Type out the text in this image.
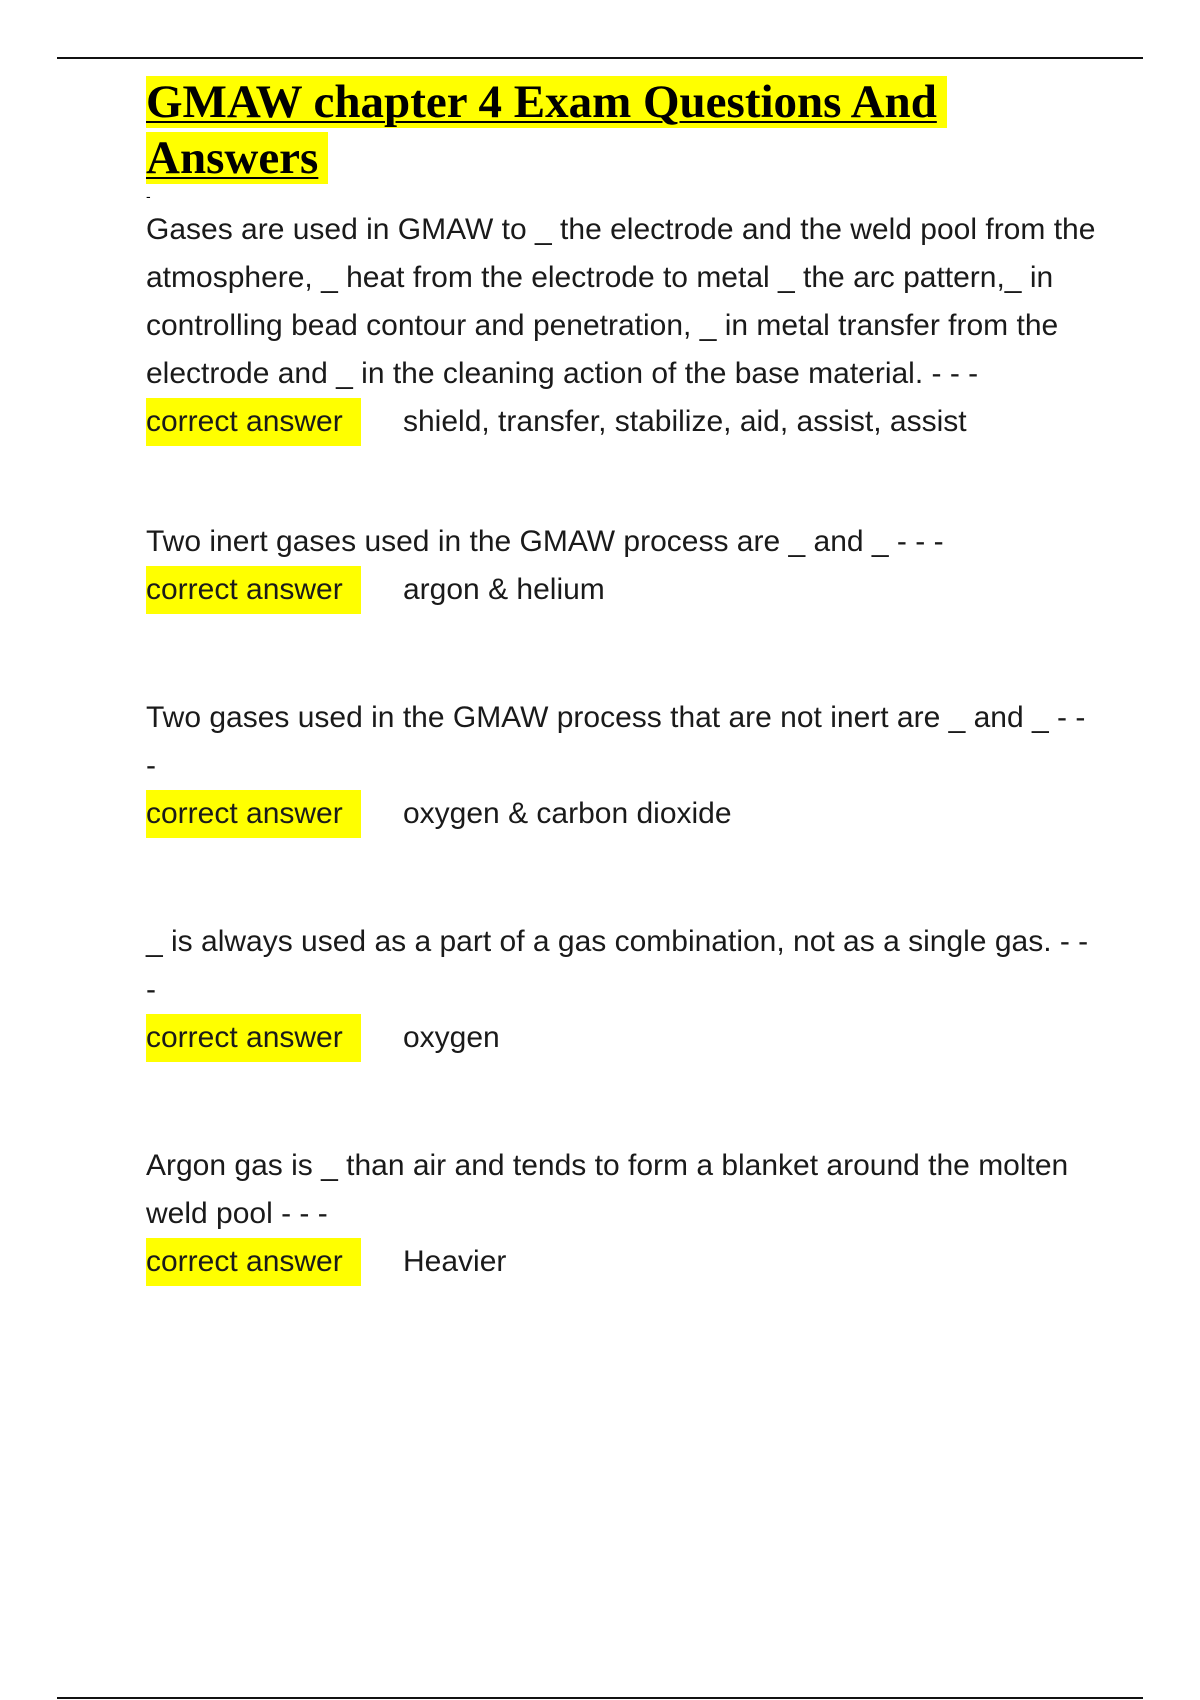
GMAW chapter 4 Exam Questions And Answers
-

Gases are used in GMAW to _ the electrode and the weld pool from the atmosphere, _ heat from the electrode to metal _ the arc pattern,_ in controlling bead contour and penetration, _ in metal transfer from the electrode and _ in the cleaning action of the base material. - - -

correct answer	shield, transfer, stabilize, aid, assist, assist

Two inert gases used in the GMAW process are _ and _ - - -

correct answer	argon & helium

Two gases used in the GMAW process that are not inert are _ and _ - - -

correct answer	oxygen & carbon dioxide

_ is always used as a part of a gas combination, not as a single gas. - - -

correct answer	oxygen

Argon gas is _ than air and tends to form a blanket around the molten weld pool - - -

correct answer	Heavier
